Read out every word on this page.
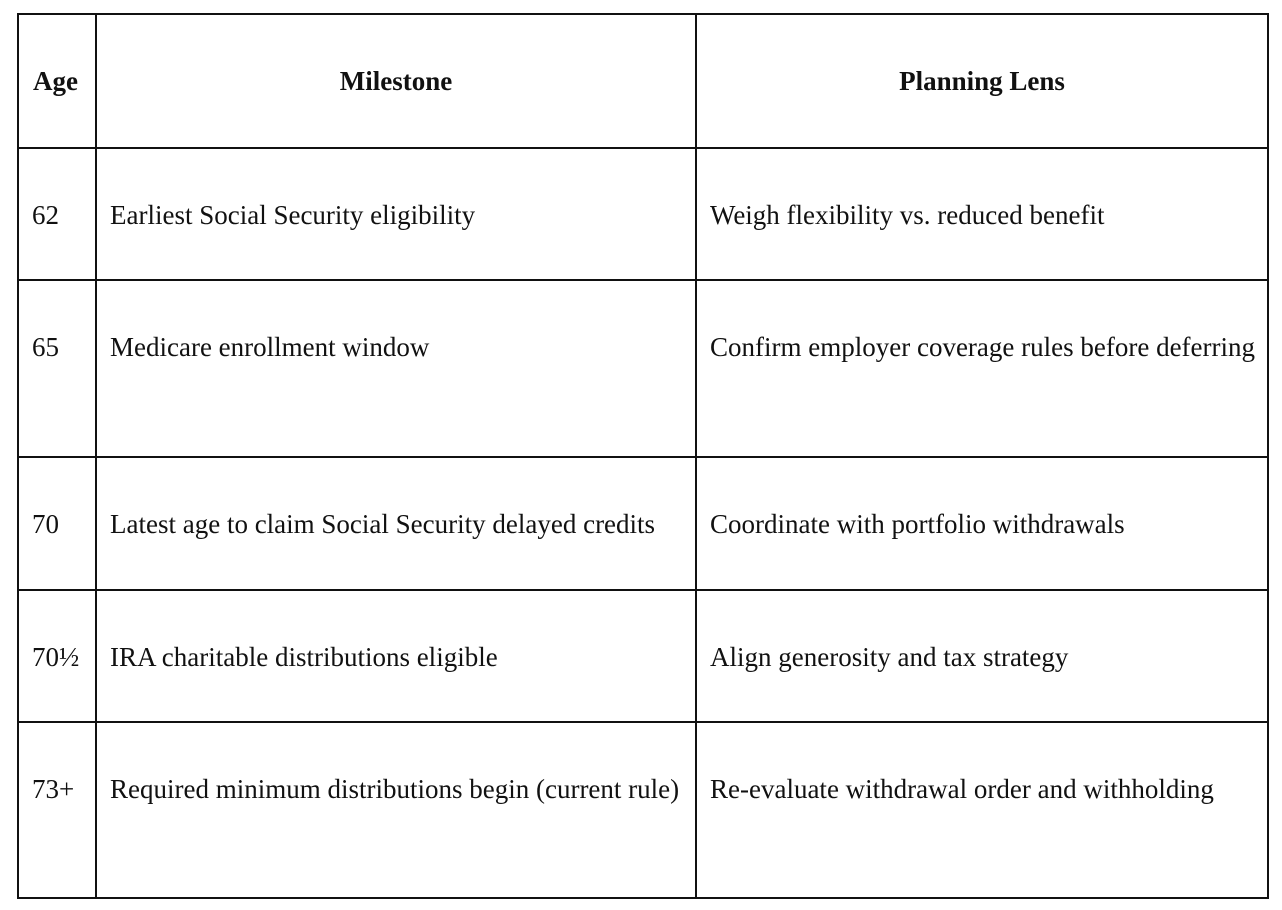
Age	Milestone	Planning Lens
62	Earliest Social Security eligibility	Weigh flexibility vs. reduced benefit
65	Medicare enrollment window	Confirm employer coverage rules before deferring
70	Latest age to claim Social Security delayed credits	Coordinate with portfolio withdrawals
70½	IRA charitable distributions eligible	Align generosity and tax strategy
73+	Required minimum distributions begin (current rule)	Re-evaluate withdrawal order and withholding
